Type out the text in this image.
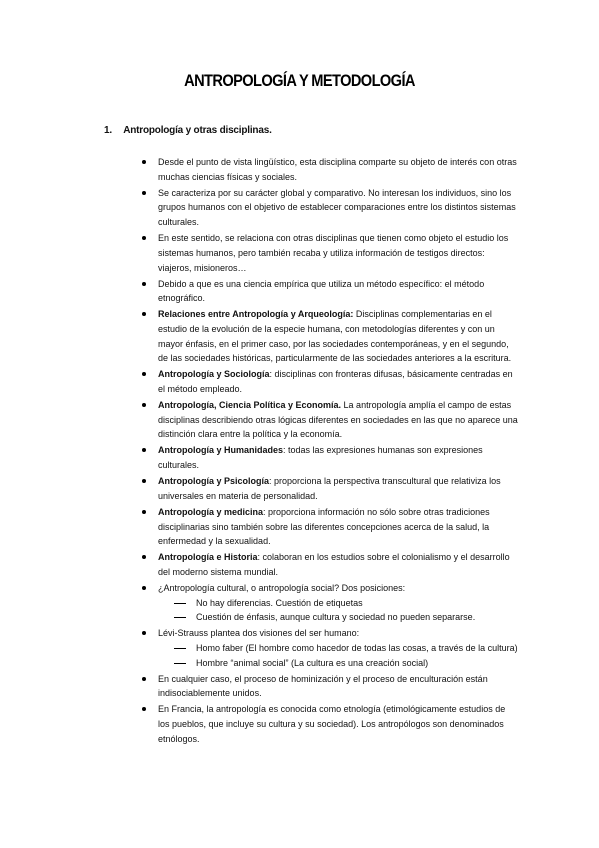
ANTROPOLOGÍA Y METODOLOGÍA

1. Antropología y otras disciplinas.

Desde el punto de vista lingüístico, esta disciplina comparte su objeto de interés con otras muchas ciencias físicas y sociales.
Se caracteriza por su carácter global y comparativo. No interesan los individuos, sino los grupos humanos con el objetivo de establecer comparaciones entre los distintos sistemas culturales.
En este sentido, se relaciona con otras disciplinas que tienen como objeto el estudio los sistemas humanos, pero también recaba y utiliza información de testigos directos: viajeros, misioneros…
Debido a que es una ciencia empírica que utiliza un método específico: el método etnográfico.
Relaciones entre Antropología y Arqueología: Disciplinas complementarias en el estudio de la evolución de la especie humana, con metodologías diferentes y con un mayor énfasis, en el primer caso, por las sociedades contemporáneas, y en el segundo, de las sociedades históricas, particularmente de las sociedades anteriores a la escritura.
Antropología y Sociología: disciplinas con fronteras difusas, básicamente centradas en el método empleado.
Antropología, Ciencia Política y Economía. La antropología amplía el campo de estas disciplinas describiendo otras lógicas diferentes en sociedades en las que no aparece una distinción clara entre la política y la economía.
Antropología y Humanidades: todas las expresiones humanas son expresiones culturales.
Antropología y Psicología: proporciona la perspectiva transcultural que relativiza los universales en materia de personalidad.
Antropología y medicina: proporciona información no sólo sobre otras tradiciones disciplinarias sino también sobre las diferentes concepciones acerca de la salud, la enfermedad y la sexualidad.
Antropología e Historia: colaboran en los estudios sobre el colonialismo y el desarrollo del moderno sistema mundial.
¿Antropología cultural, o antropología social? Dos posiciones:
No hay diferencias. Cuestión de etiquetas
Cuestión de énfasis, aunque cultura y sociedad no pueden separarse.
Lévi-Strauss plantea dos visiones del ser humano:
Homo faber (El hombre como hacedor de todas las cosas, a través de la cultura)
Hombre “animal social” (La cultura es una creación social)
En cualquier caso, el proceso de hominización y el proceso de enculturación están indisociablemente unidos.
En Francia, la antropología es conocida como etnología (etimológicamente estudios de los pueblos, que incluye su cultura y su sociedad). Los antropólogos son denominados etnólogos.
